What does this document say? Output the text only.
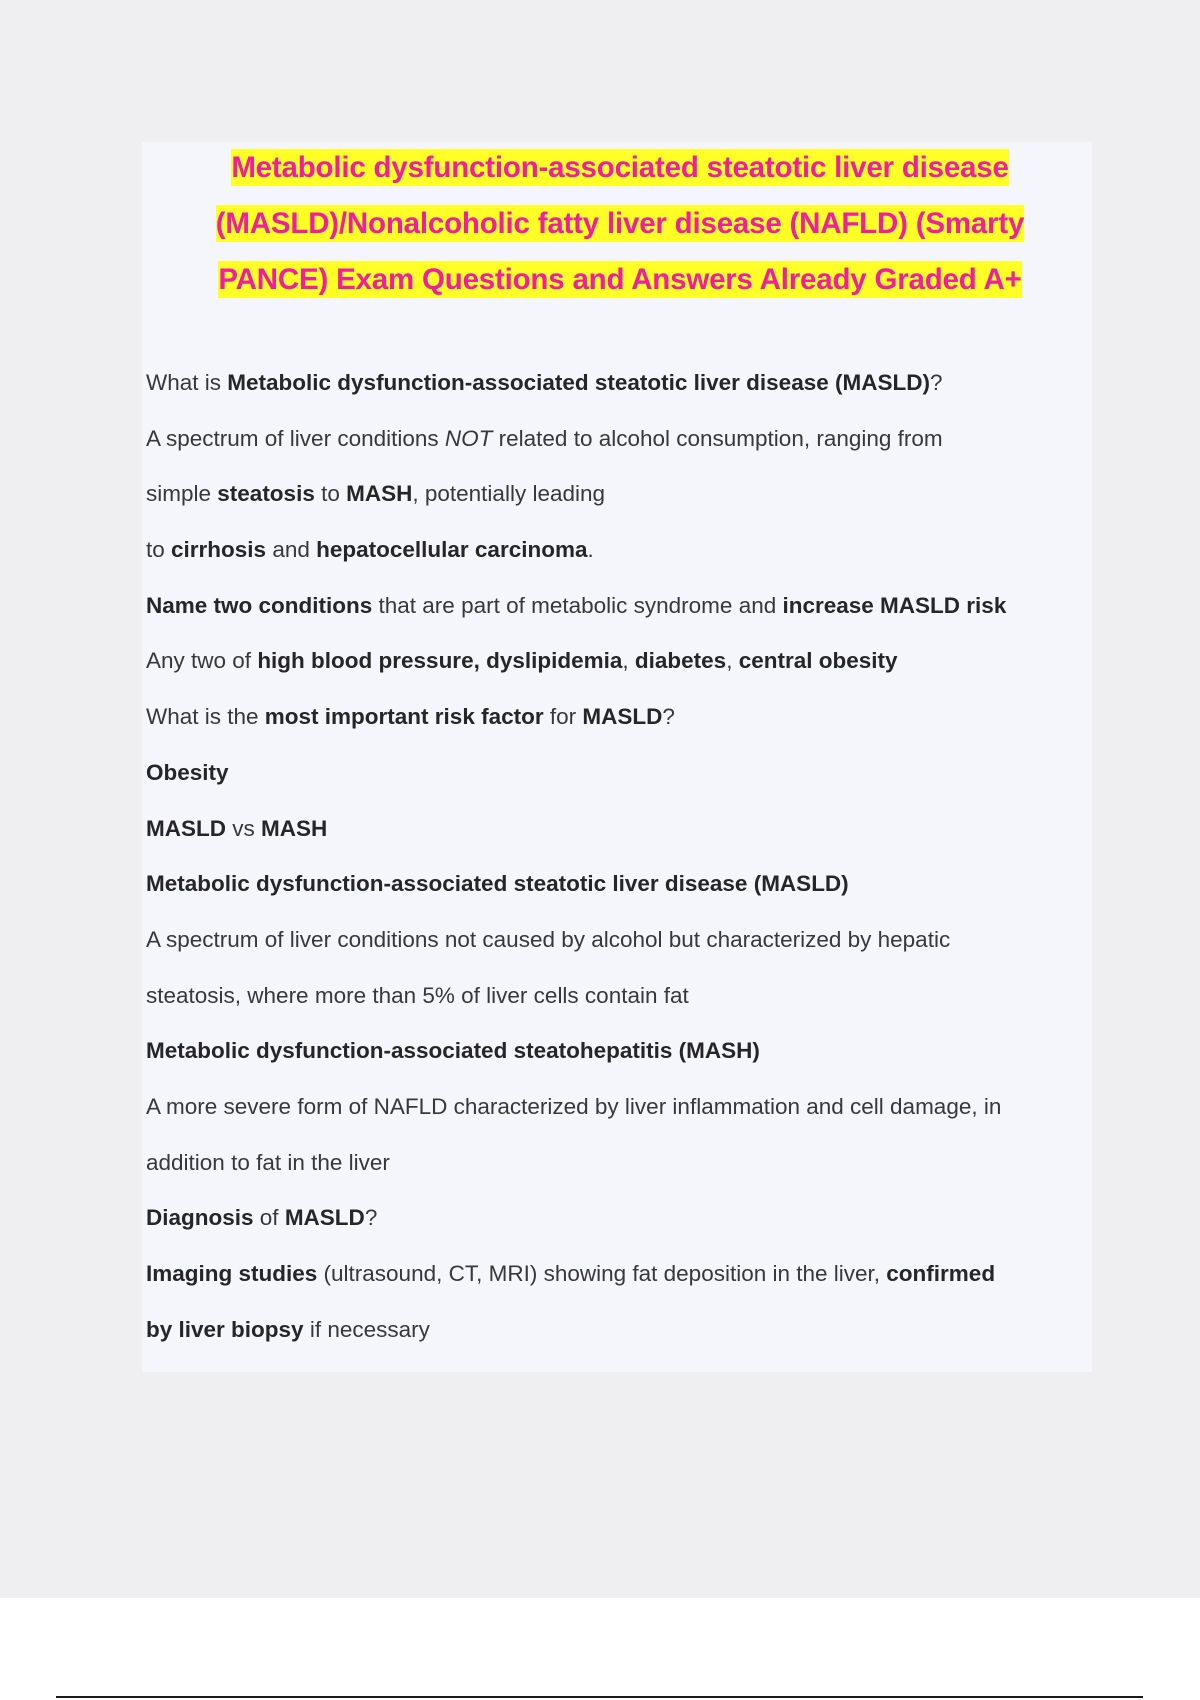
Metabolic dysfunction-associated steatotic liver disease
(MASLD)/Nonalcoholic fatty liver disease (NAFLD) (Smarty
PANCE) Exam Questions and Answers Already Graded A+
What is Metabolic dysfunction-associated steatotic liver disease (MASLD)?
A spectrum of liver conditions NOT related to alcohol consumption, ranging from
simple steatosis to MASH, potentially leading
to cirrhosis and hepatocellular carcinoma.
Name two conditions that are part of metabolic syndrome and increase MASLD risk
Any two of high blood pressure, dyslipidemia, diabetes, central obesity
What is the most important risk factor for MASLD?
Obesity
MASLD vs MASH
Metabolic dysfunction-associated steatotic liver disease (MASLD)
A spectrum of liver conditions not caused by alcohol but characterized by hepatic
steatosis, where more than 5% of liver cells contain fat
Metabolic dysfunction-associated steatohepatitis (MASH)
A more severe form of NAFLD characterized by liver inflammation and cell damage, in
addition to fat in the liver
Diagnosis of MASLD?
Imaging studies (ultrasound, CT, MRI) showing fat deposition in the liver, confirmed
by liver biopsy if necessary
